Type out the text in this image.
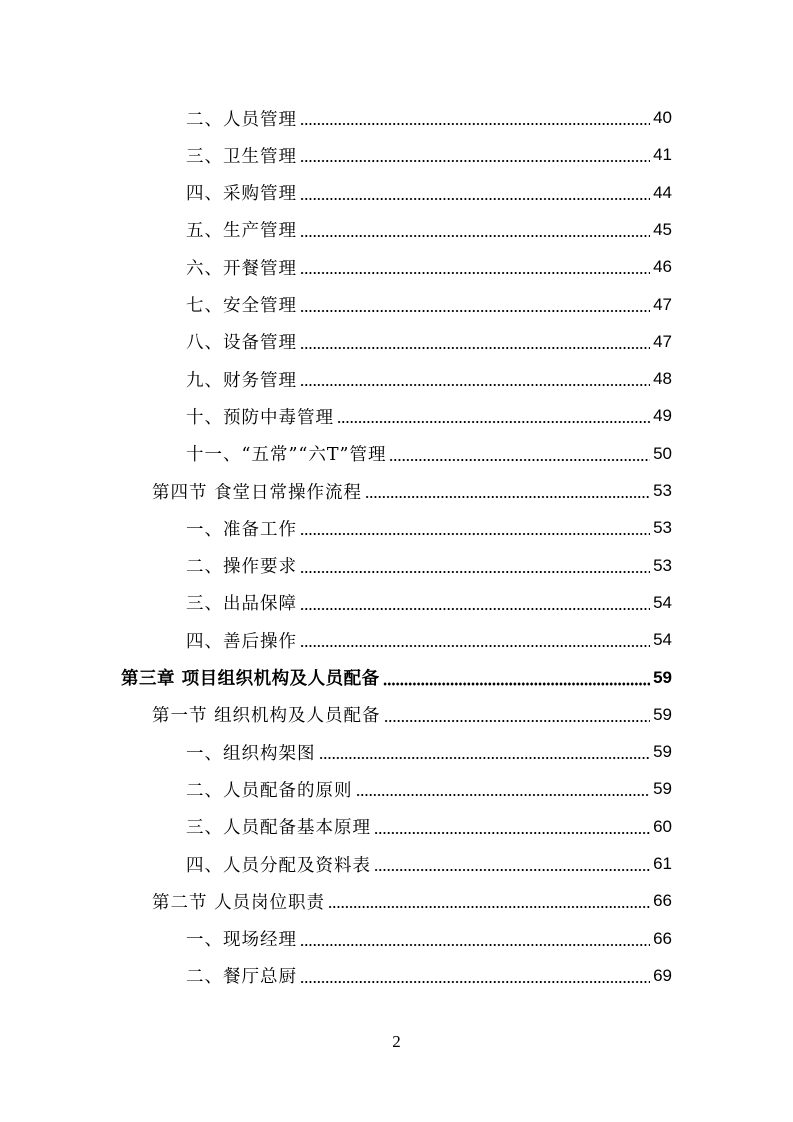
二、人员管理	40
三、卫生管理	41
四、采购管理	44
五、生产管理	45
六、开餐管理	46
七、安全管理	47
八、设备管理	47
九、财务管理	48
十、预防中毒管理	49
十一、“五常”“六T”管理	50
第四节 食堂日常操作流程	53
一、准备工作	53
二、操作要求	53
三、出品保障	54
四、善后操作	54
第三章 项目组织机构及人员配备	59
第一节 组织机构及人员配备	59
一、组织构架图	59
二、人员配备的原则	59
三、人员配备基本原理	60
四、人员分配及资料表	61
第二节 人员岗位职责	66
一、现场经理	66
二、餐厅总厨	69
2
